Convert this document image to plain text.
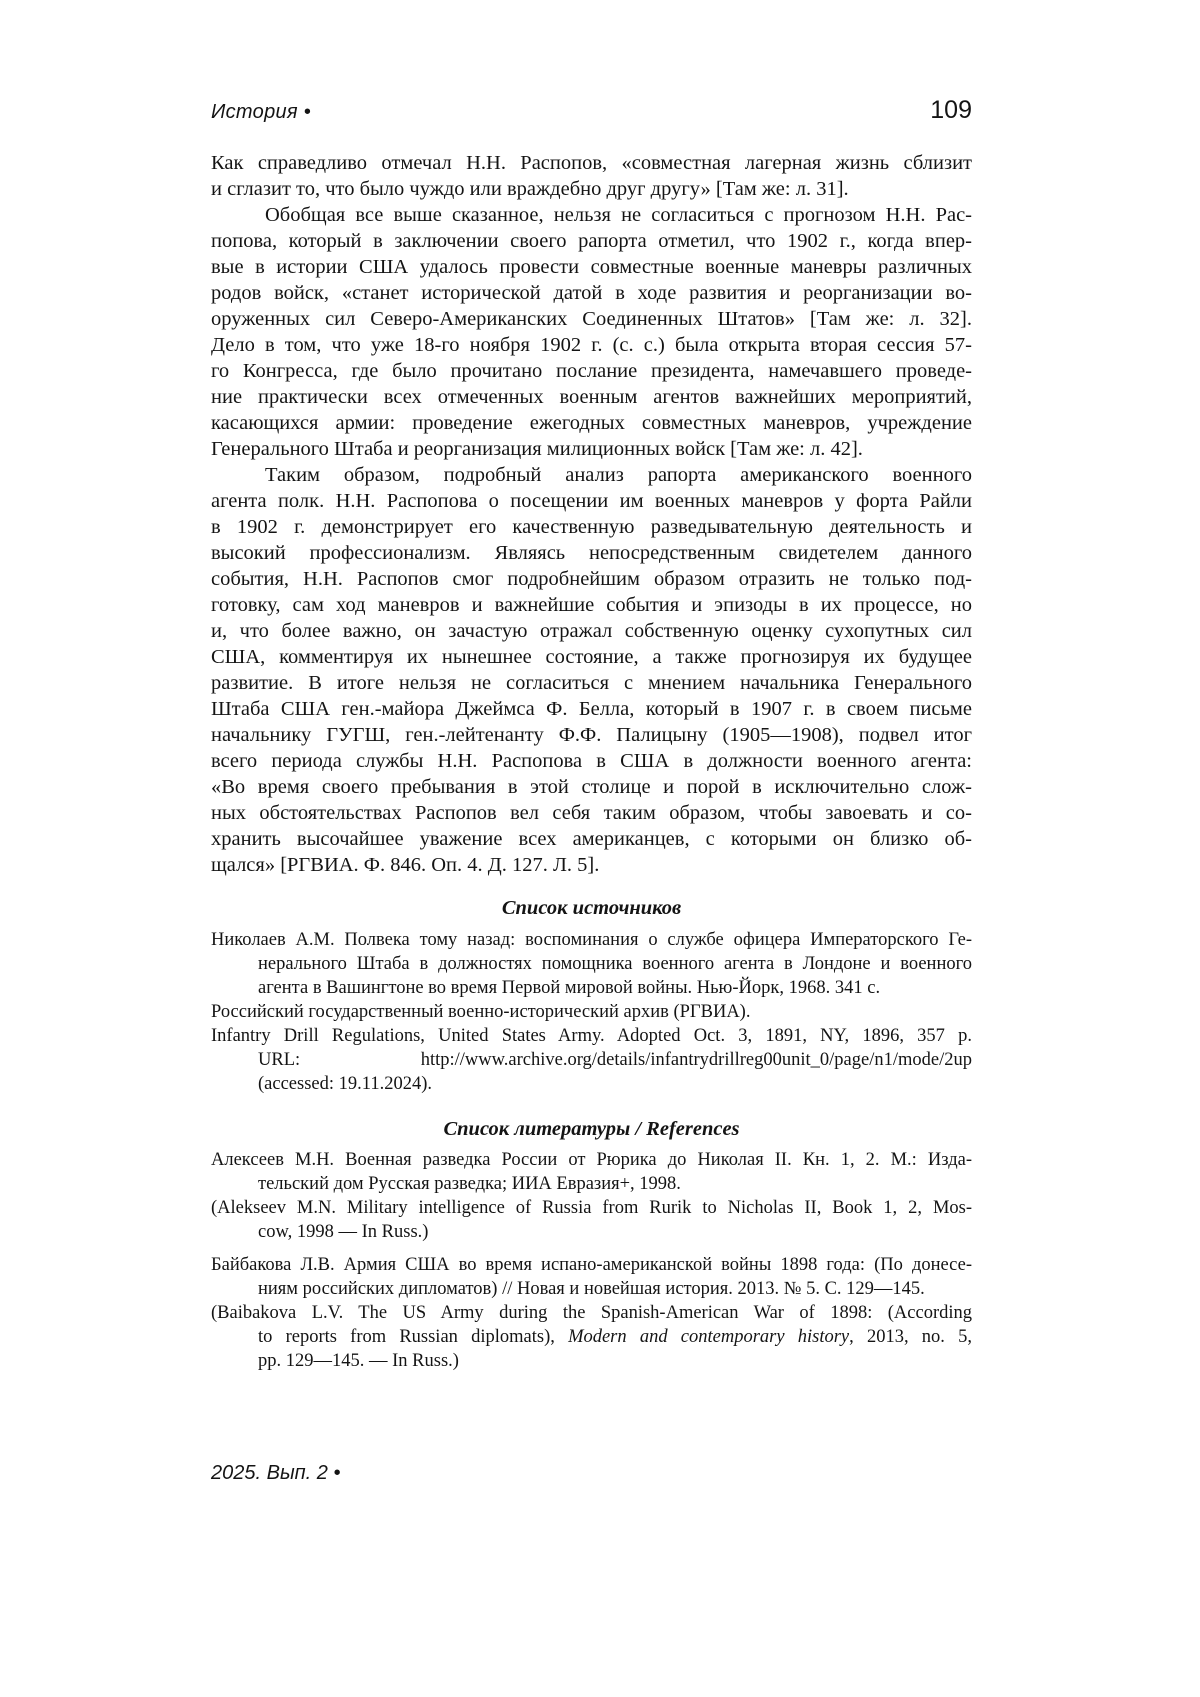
История •	109
Как справедливо отмечал Н.Н. Распопов, «совместная лагерная жизнь сблизит
и сглазит то, что было чуждо или враждебно друг другу» [Там же: л. 31].
Обобщая все выше сказанное, нельзя не согласиться с прогнозом Н.Н. Рас-
попова, который в заключении своего рапорта отметил, что 1902 г., когда впер-
вые в истории США удалось провести совместные военные маневры различных
родов войск, «станет исторической датой в ходе развития и реорганизации во-
оруженных сил Северо-Американских Соединенных Штатов» [Там же: л. 32].
Дело в том, что уже 18-го ноября 1902 г. (с. с.) была открыта вторая сессия 57-
го Конгресса, где было прочитано послание президента, намечавшего проведе-
ние практически всех отмеченных военным агентов важнейших мероприятий,
касающихся армии: проведение ежегодных совместных маневров, учреждение
Генерального Штаба и реорганизация милиционных войск [Там же: л. 42].
Таким образом, подробный анализ рапорта американского военного
агента полк. Н.Н. Распопова о посещении им военных маневров у форта Райли
в 1902 г. демонстрирует его качественную разведывательную деятельность и
высокий профессионализм. Являясь непосредственным свидетелем данного
события, Н.Н. Распопов смог подробнейшим образом отразить не только под-
готовку, сам ход маневров и важнейшие события и эпизоды в их процессе, но
и, что более важно, он зачастую отражал собственную оценку сухопутных сил
США, комментируя их нынешнее состояние, а также прогнозируя их будущее
развитие. В итоге нельзя не согласиться с мнением начальника Генерального
Штаба США ген.-майора Джеймса Ф. Белла, который в 1907 г. в своем письме
начальнику ГУГШ, ген.-лейтенанту Ф.Ф. Палицыну (1905—1908), подвел итог
всего периода службы Н.Н. Распопова в США в должности военного агента:
«Во время своего пребывания в этой столице и порой в исключительно слож-
ных обстоятельствах Распопов вел себя таким образом, чтобы завоевать и со-
хранить высочайшее уважение всех американцев, с которыми он близко об-
щался» [РГВИА. Ф. 846. Оп. 4. Д. 127. Л. 5].
Список источников
Николаев А.М. Полвека тому назад: воспоминания о службе офицера Императорского Ге-
нерального Штаба в должностях помощника военного агента в Лондоне и военного
агента в Вашингтоне во время Первой мировой войны. Нью-Йорк, 1968. 341 с.
Российский государственный военно-исторический архив (РГВИА).
Infantry Drill Regulations, United States Army. Adopted Oct. 3, 1891, NY, 1896, 357 p.
URL: http://www.archive.org/details/infantrydrillreg00unit_0/page/n1/mode/2up
(accessed: 19.11.2024).
Список литературы / References
Алексеев М.Н. Военная разведка России от Рюрика до Николая II. Кн. 1, 2. М.: Изда-
тельский дом Русская разведка; ИИА Евразия+, 1998.
(Alekseev M.N. Military intelligence of Russia from Rurik to Nicholas II, Book 1, 2, Mos-
cow, 1998 — In Russ.)
Байбакова Л.В. Армия США во время испано-американской войны 1898 года: (По донесе-
ниям российских дипломатов) // Новая и новейшая история. 2013. № 5. С. 129—145.
(Baibakova L.V. The US Army during the Spanish-American War of 1898: (According
to reports from Russian diplomats), Modern and contemporary history, 2013, no. 5,
pp. 129—145. — In Russ.)
2025. Вып. 2 •
